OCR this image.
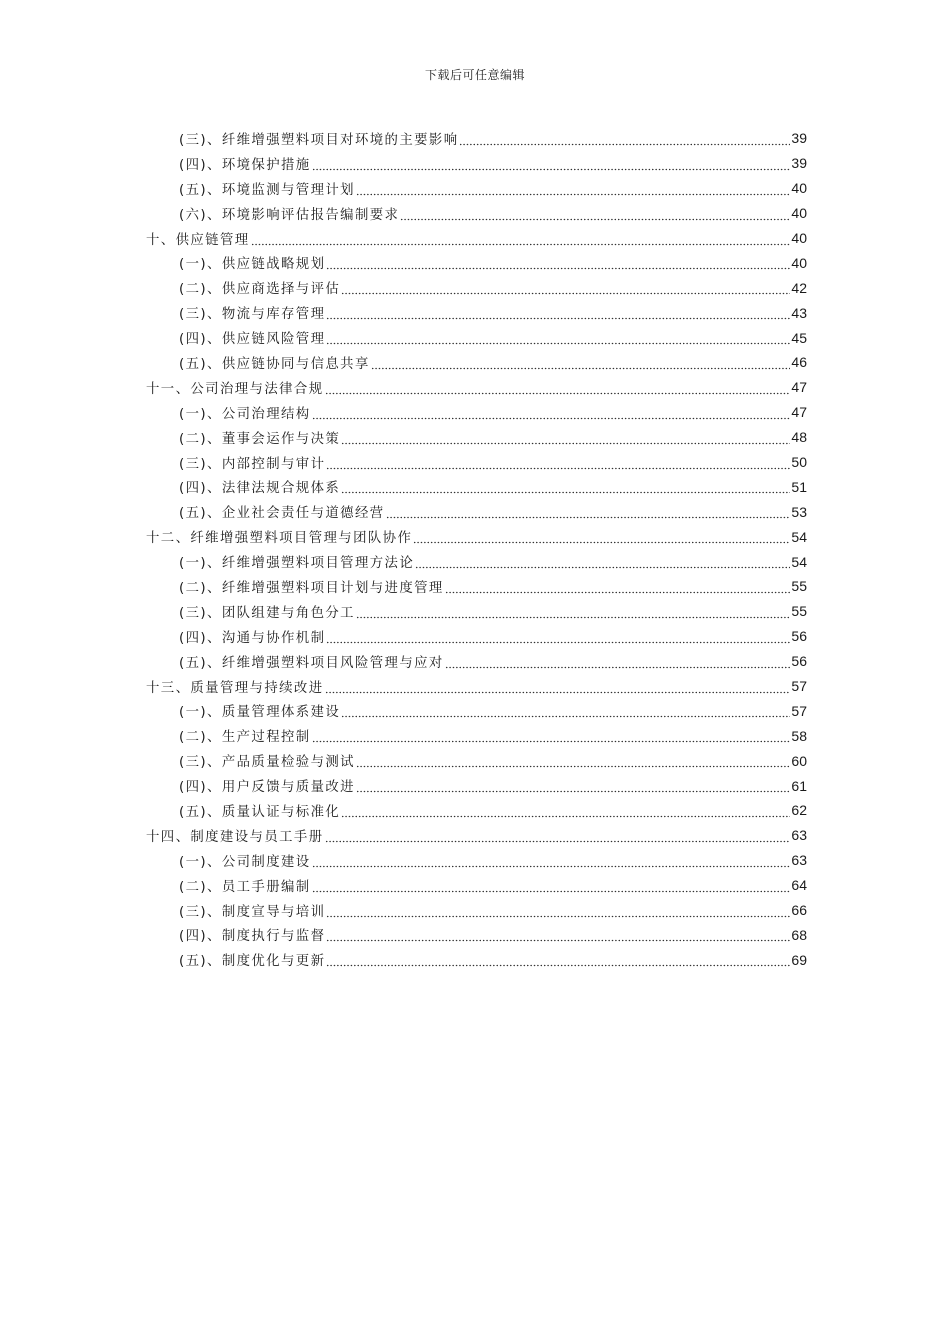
下载后可任意编辑
(三)、纤维增强塑料项目对环境的主要影响	39
(四)、环境保护措施	39
(五)、环境监测与管理计划	40
(六)、环境影响评估报告编制要求	40
十、供应链管理	40
(一)、供应链战略规划	40
(二)、供应商选择与评估	42
(三)、物流与库存管理	43
(四)、供应链风险管理	45
(五)、供应链协同与信息共享	46
十一、公司治理与法律合规	47
(一)、公司治理结构	47
(二)、董事会运作与决策	48
(三)、内部控制与审计	50
(四)、法律法规合规体系	51
(五)、企业社会责任与道德经营	53
十二、纤维增强塑料项目管理与团队协作	54
(一)、纤维增强塑料项目管理方法论	54
(二)、纤维增强塑料项目计划与进度管理	55
(三)、团队组建与角色分工	55
(四)、沟通与协作机制	56
(五)、纤维增强塑料项目风险管理与应对	56
十三、质量管理与持续改进	57
(一)、质量管理体系建设	57
(二)、生产过程控制	58
(三)、产品质量检验与测试	60
(四)、用户反馈与质量改进	61
(五)、质量认证与标准化	62
十四、制度建设与员工手册	63
(一)、公司制度建设	63
(二)、员工手册编制	64
(三)、制度宣导与培训	66
(四)、制度执行与监督	68
(五)、制度优化与更新	69
